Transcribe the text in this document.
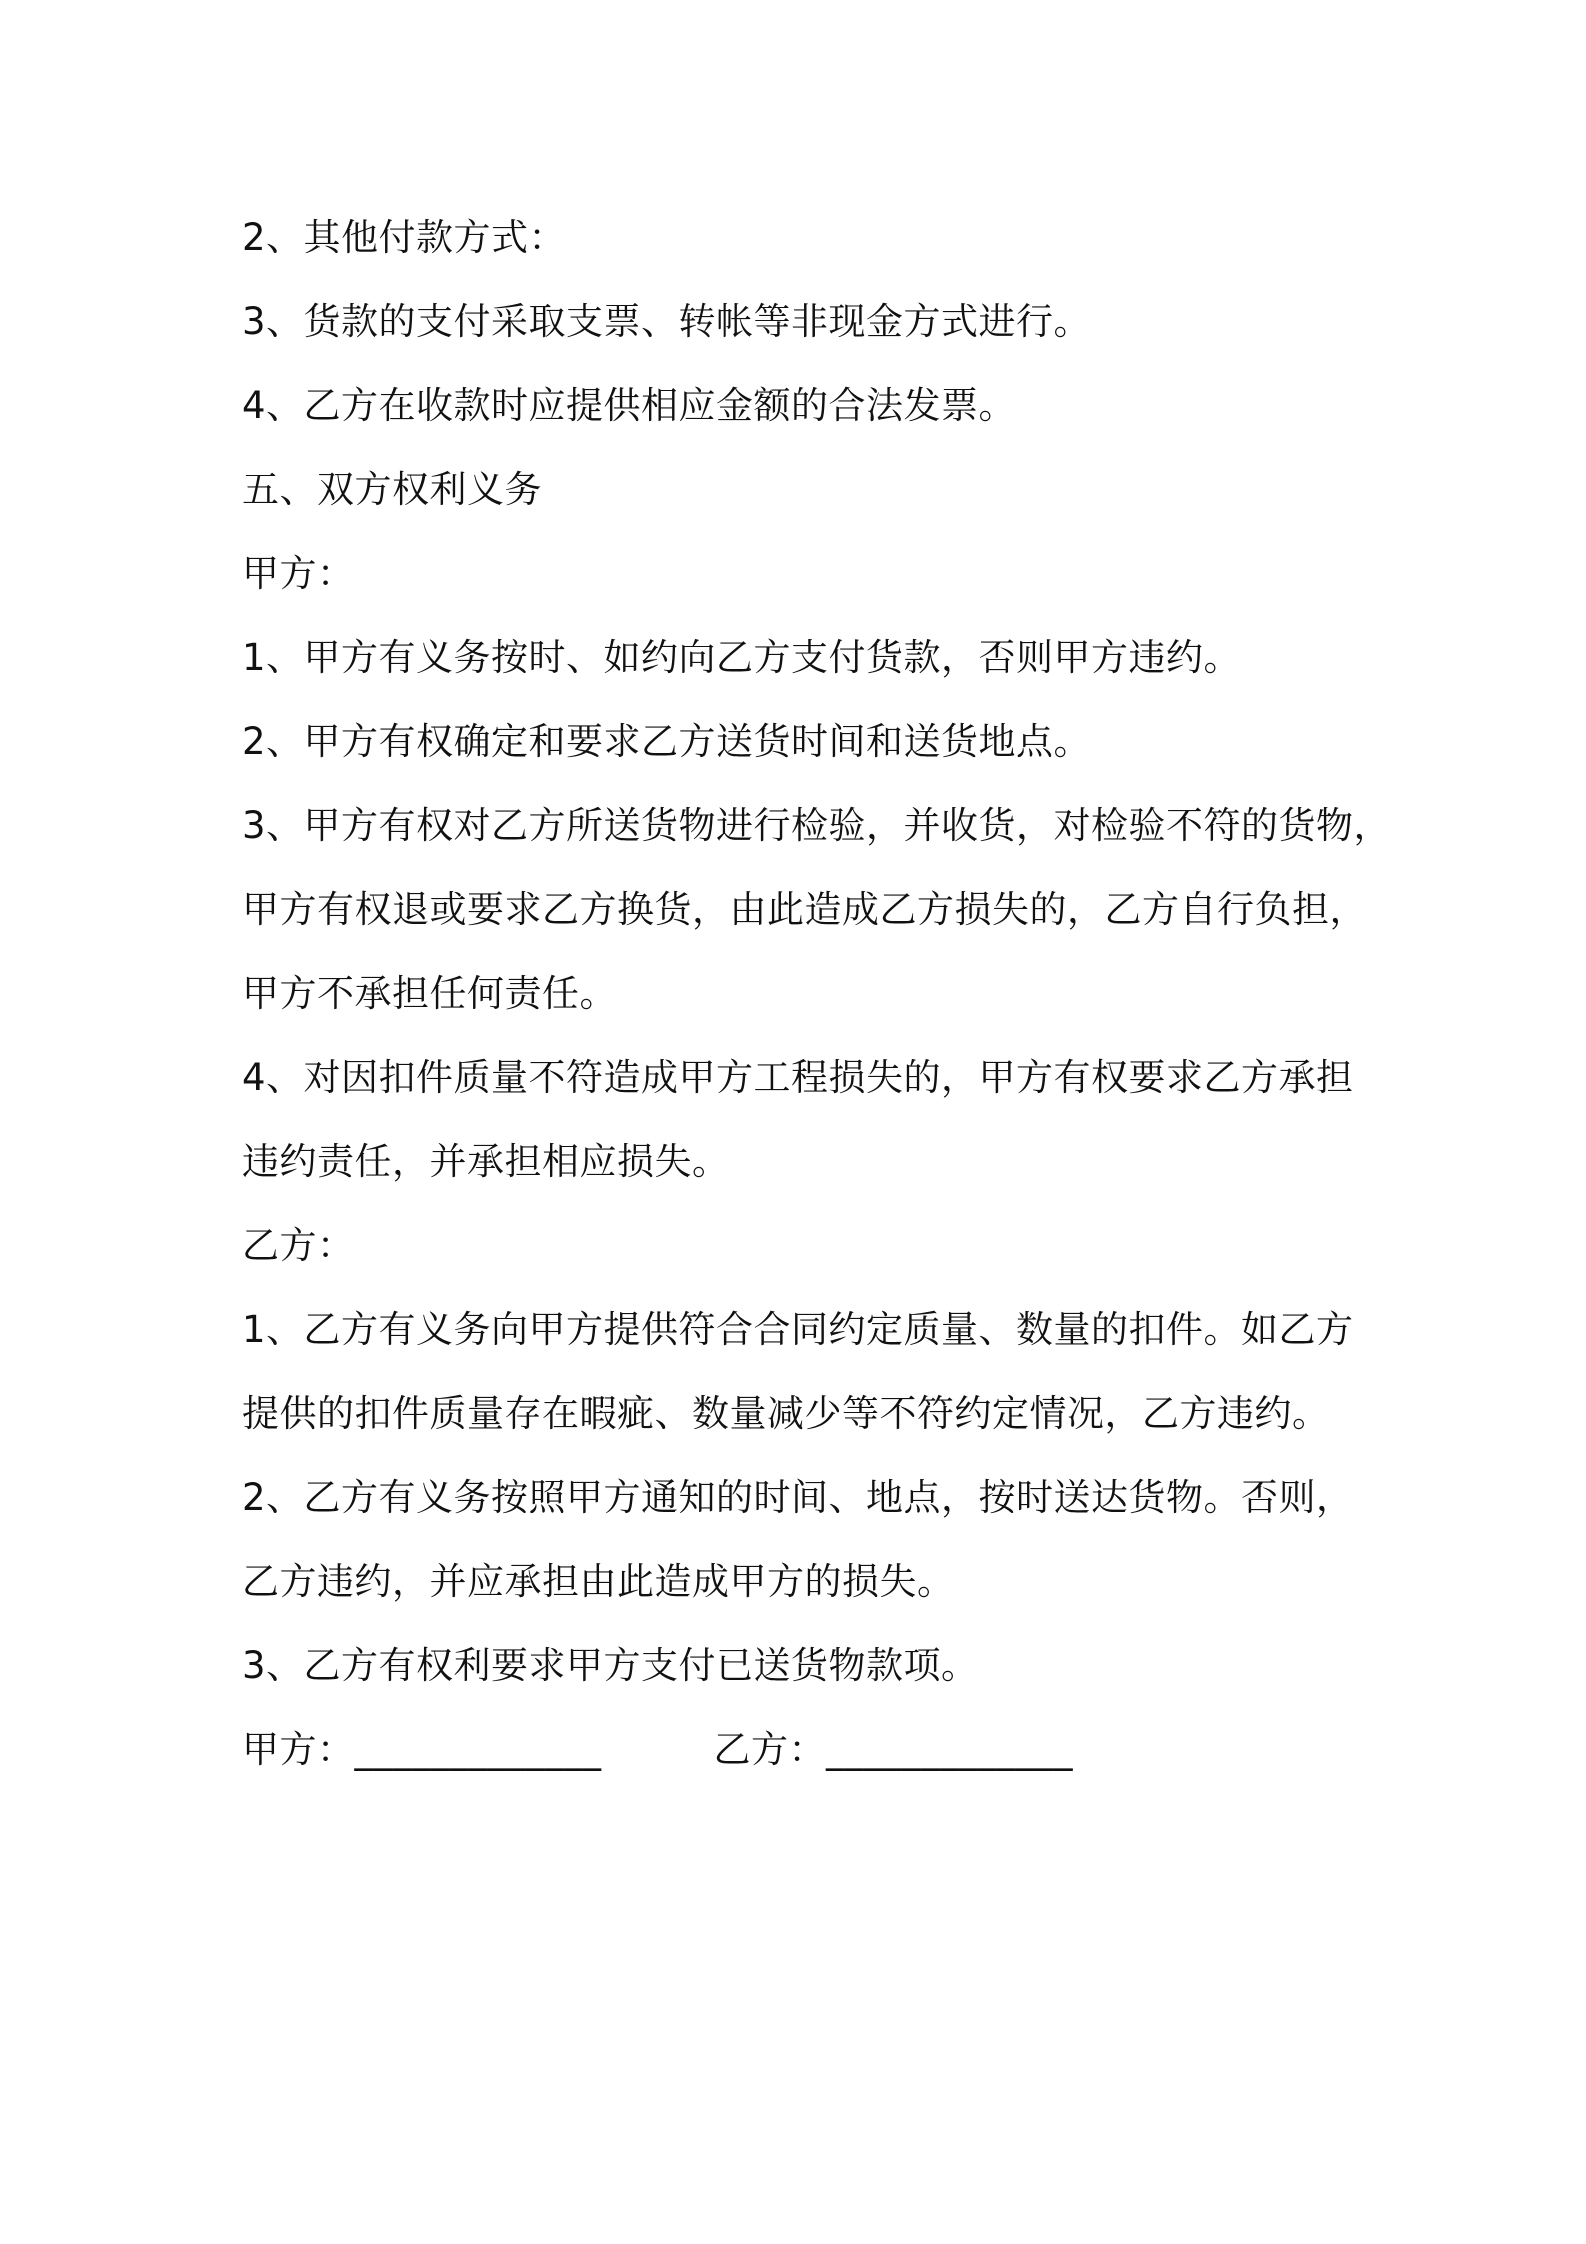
2、其他付款方式：
3、货款的支付采取支票、转帐等非现金方式进行。
4、乙方在收款时应提供相应金额的合法发票。
五、双方权利义务
甲方：
1、甲方有义务按时、如约向乙方支付货款，否则甲方违约。
2、甲方有权确定和要求乙方送货时间和送货地点。
3、甲方有权对乙方所送货物进行检验，并收货，对检验不符的货物，
甲方有权退或要求乙方换货，由此造成乙方损失的，乙方自行负担，
甲方不承担任何责任。
4、对因扣件质量不符造成甲方工程损失的，甲方有权要求乙方承担
违约责任，并承担相应损失。
乙方：
1、乙方有义务向甲方提供符合合同约定质量、数量的扣件。如乙方
提供的扣件质量存在暇疵、数量减少等不符约定情况，乙方违约。
2、乙方有义务按照甲方通知的时间、地点，按时送达货物。否则，
乙方违约，并应承担由此造成甲方的损失。
3、乙方有权利要求甲方支付已送货物款项。
甲方： _____________	乙方： _____________
